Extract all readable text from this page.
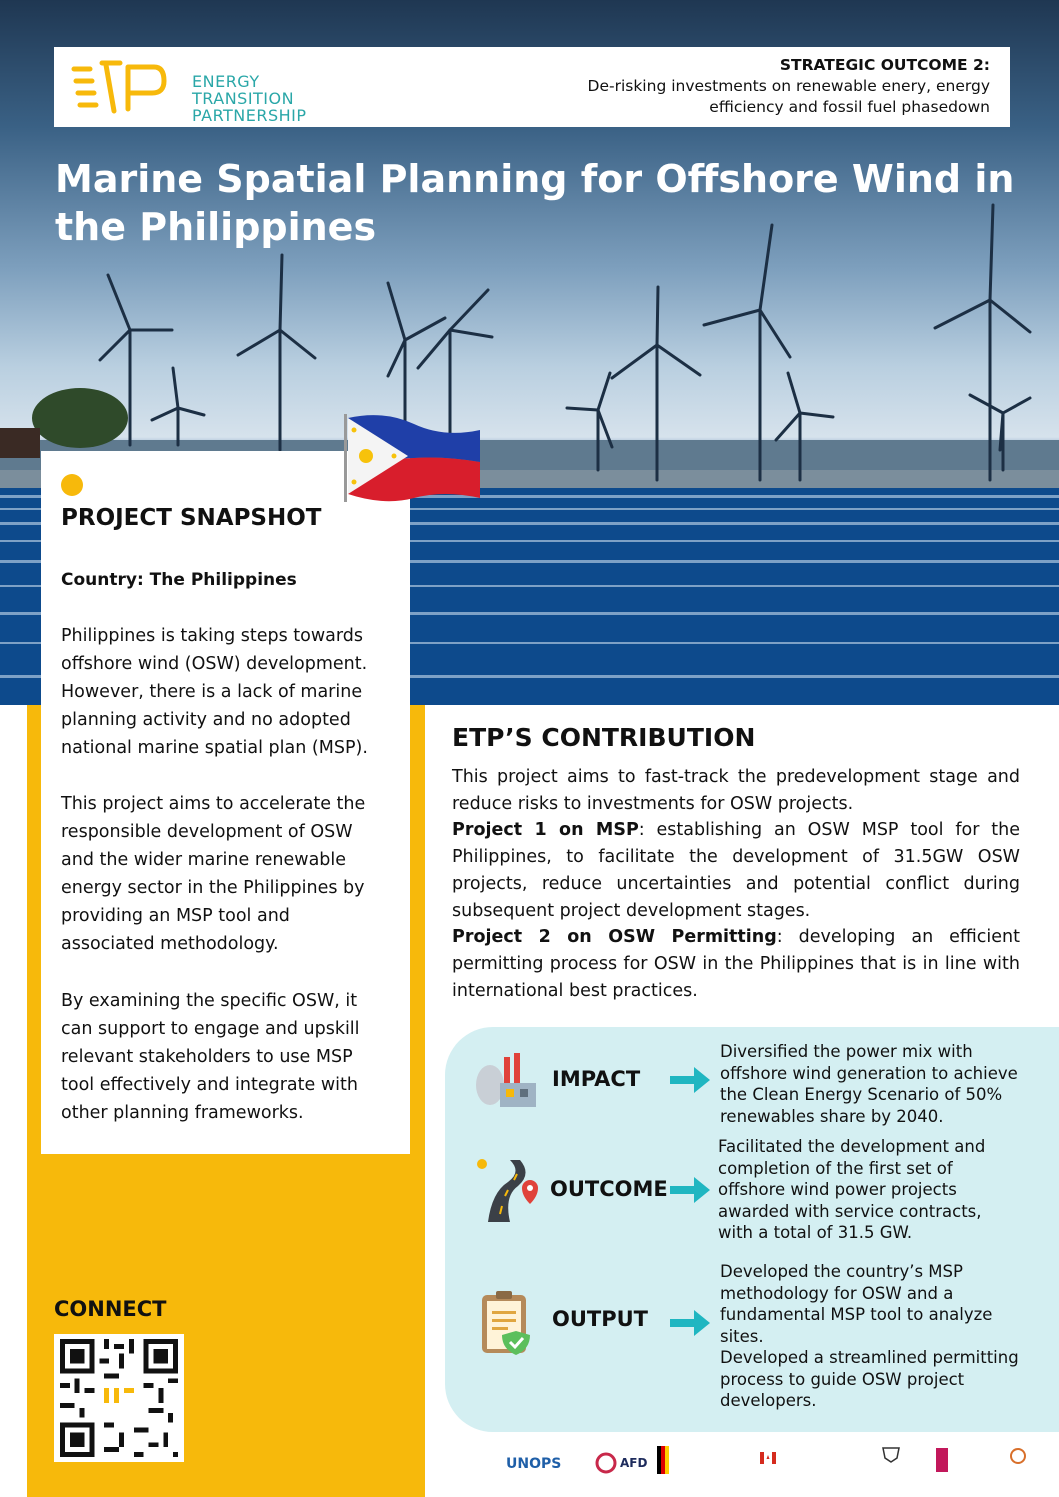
ENERGY
TRANSITION
PARTNERSHIP
STRATEGIC OUTCOME 2:
De-risking investments on renewable enery, energy
efficiency and fossil fuel phasedown
Marine Spatial Planning for Offshore Wind in
the Philippines
PROJECT SNAPSHOT
Country: The Philippines
Philippines is taking steps towards
offshore wind (OSW) development.
However, there is a lack of marine
planning activity and no adopted
national marine spatial plan (MSP).
This project aims to accelerate the
responsible development of OSW
and the wider marine renewable
energy sector in the Philippines by
providing an MSP tool and
associated methodology.
By examining the specific OSW, it
can support to engage and upskill
relevant stakeholders to use MSP
tool effectively and integrate with
other planning frameworks.
CONNECT
ETP’S CONTRIBUTION
This project aims to fast-track the predevelopment stage and reduce risks to investments for OSW projects.
Project 1 on MSP: establishing an OSW MSP tool for the Philippines, to facilitate the development of 31.5GW OSW projects, reduce uncertainties and potential conflict during subsequent project development stages.
Project 2 on OSW Permitting: developing an efficient permitting process for OSW in the Philippines that is in line with international best practices.
IMPACT
Diversified the power mix with
offshore wind generation to achieve
the Clean Energy Scenario of 50%
renewables share by 2040.
OUTCOME
Facilitated the development and
completion of the first set of
offshore wind power projects
awarded with service contracts,
with a total of 31.5 GW.
OUTPUT
Developed the country’s MSP
methodology for OSW and a
fundamental MSP tool to analyze
sites.
Developed a streamlined permitting
process to guide OSW project
developers.
UNOPS	AFD
